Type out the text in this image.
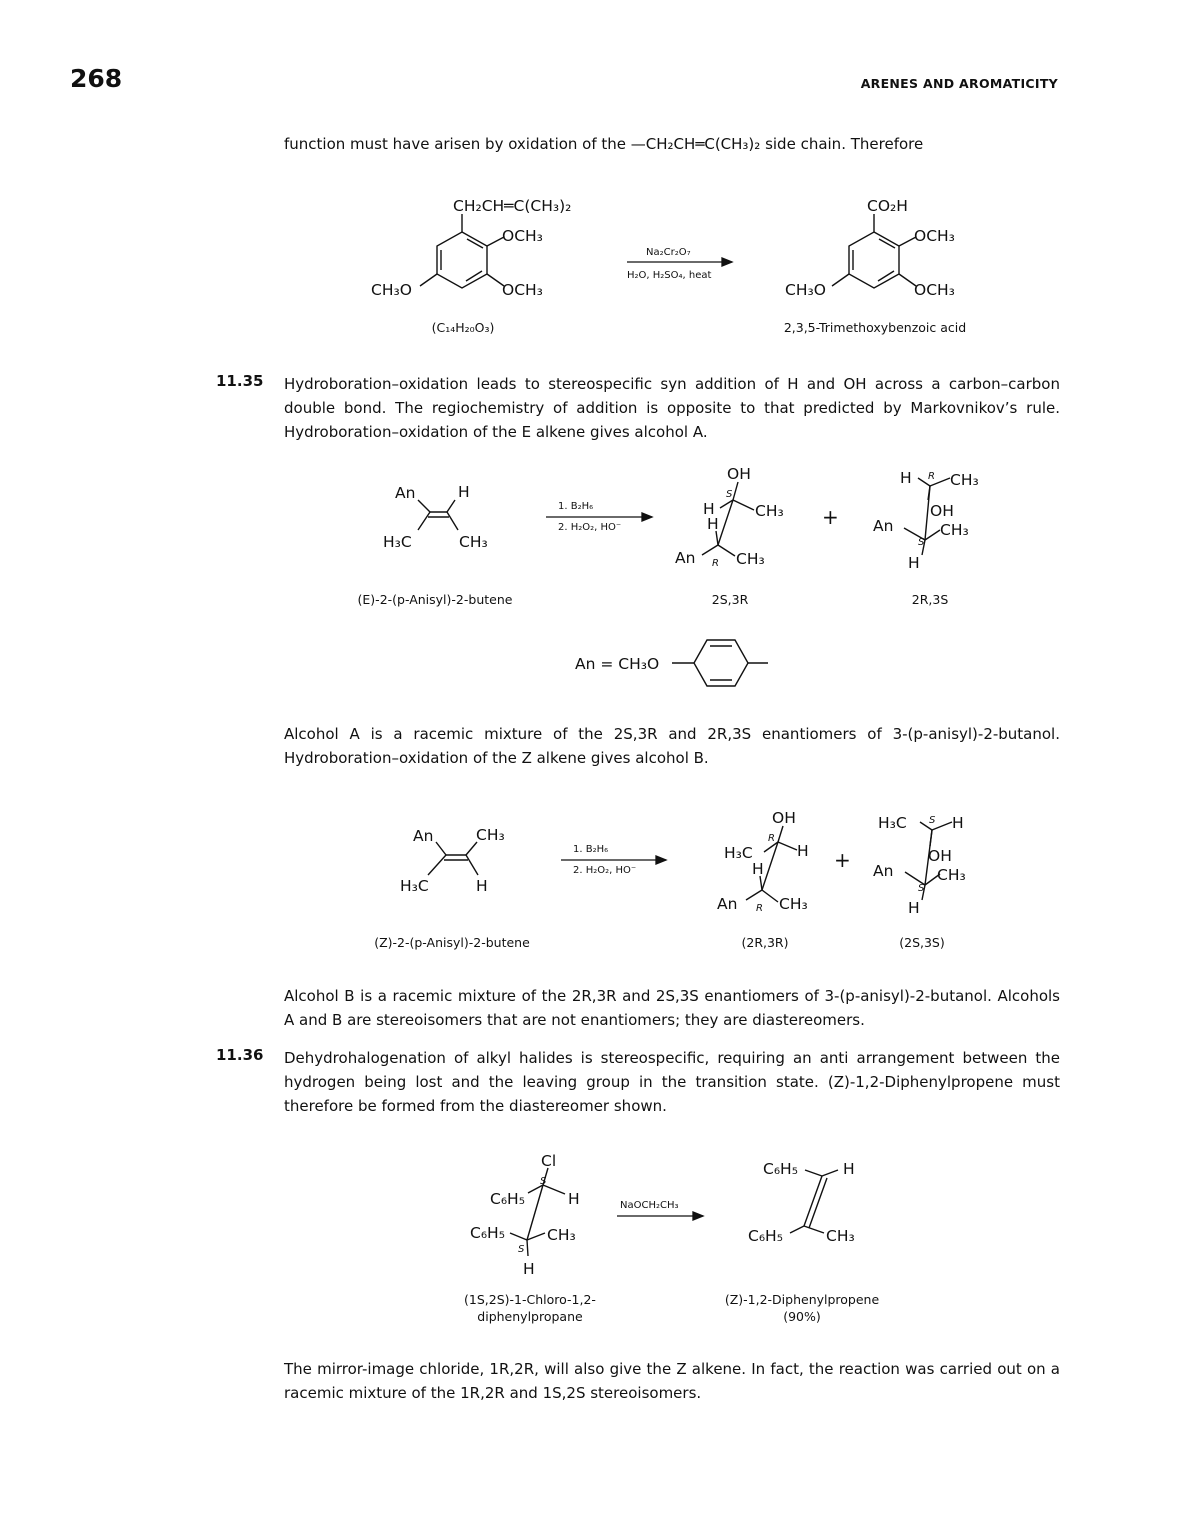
268	ARENES AND AROMATICITY
function must have arisen by oxidation of the —CH₂CH═C(CH₃)₂ side chain. Therefore
CH₂CH═C(CH₃)₂
OCH₃
OCH₃
CH₃O
Na₂Cr₂O₇
H₂O, H₂SO₄, heat
CO₂H
OCH₃
OCH₃
CH₃O
An	H
H₃C	CH₃
1. B₂H₆
2. H₂O₂, HO⁻
OH
S
H	CH₃
H
An R CH₃
+
H R CH₃
OH
An	CH₃
S
H
An = CH₃O
An	CH₃
H₃C	H
1. B₂H₆
2. H₂O₂, HO⁻
OH
R
H₃C	H
H
An R CH₃
+
H₃C S H
OH
An	CH₃
S
H
Cl
S
C₆H₅	H
C₆H₅	CH₃
S
H
NaOCH₂CH₃
C₆H₅	H
C₆H₅	CH₃
(C₁₄H₂₀O₃)	2,3,5-Trimethoxybenzoic acid
11.35 Hydroboration–oxidation leads to stereospecific syn addition of H and OH across a carbon–carbon double bond. The regiochemistry of addition is opposite to that predicted by Markovnikov’s rule. Hydroboration–oxidation of the E alkene gives alcohol A.
(E)-2-(p-Anisyl)-2-butene	2S,3R	2R,3S
Alcohol A is a racemic mixture of the 2S,3R and 2R,3S enantiomers of 3-(p-anisyl)-2-butanol. Hydroboration–oxidation of the Z alkene gives alcohol B.
(Z)-2-(p-Anisyl)-2-butene	(2R,3R)	(2S,3S)
Alcohol B is a racemic mixture of the 2R,3R and 2S,3S enantiomers of 3-(p-anisyl)-2-butanol. Alcohols A and B are stereoisomers that are not enantiomers; they are diastereomers.
11.36 Dehydrohalogenation of alkyl halides is stereospecific, requiring an anti arrangement between the hydrogen being lost and the leaving group in the transition state. (Z)-1,2-Diphenylpropene must therefore be formed from the diastereomer shown.
(1S,2S)-1-Chloro-1,2-
diphenylpropane
(Z)-1,2-Diphenylpropene
(90%)
The mirror-image chloride, 1R,2R, will also give the Z alkene. In fact, the reaction was carried out on a racemic mixture of the 1R,2R and 1S,2S stereoisomers.
